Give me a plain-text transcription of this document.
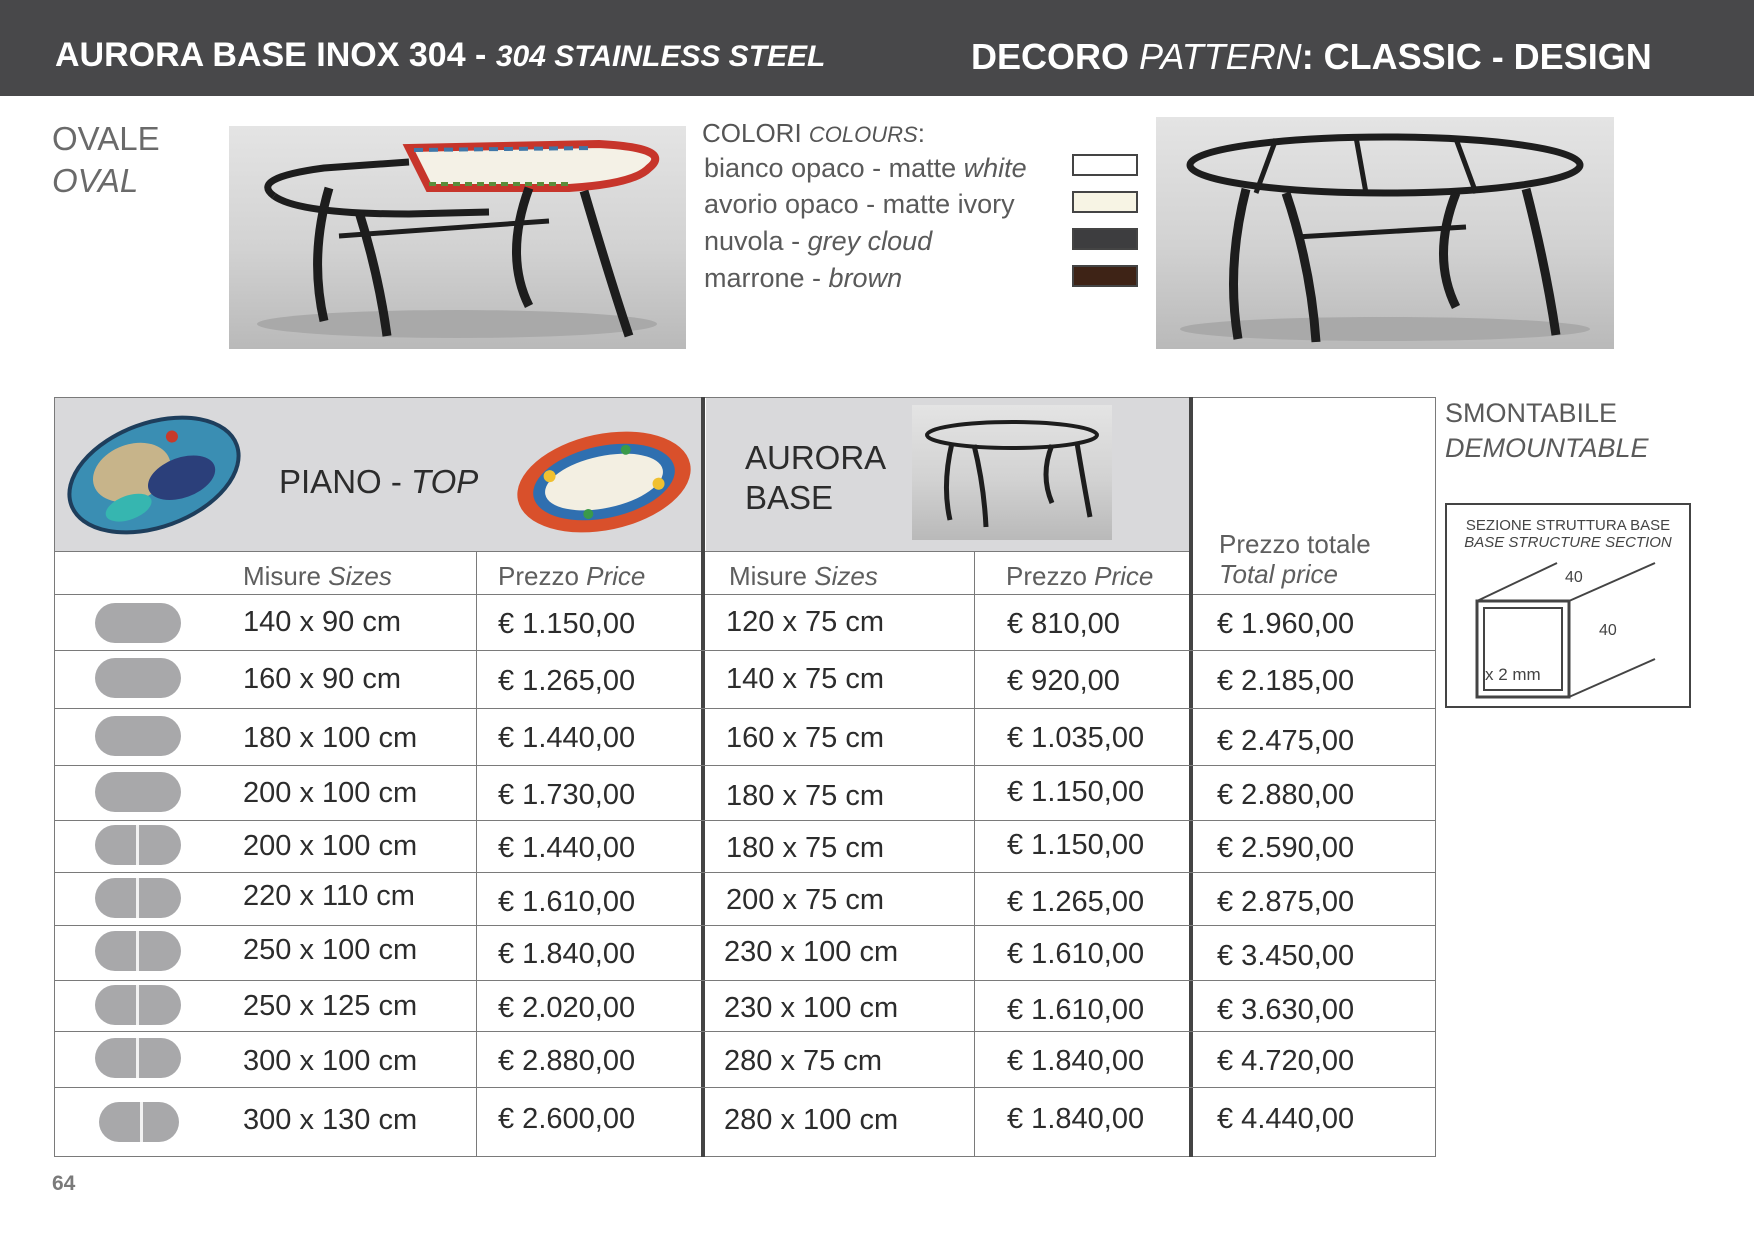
AURORA BASE INOX 304 - 304 STAINLESS STEEL	DECORO PATTERN: CLASSIC - DESIGN
OVALE
OVAL
COLORI COLOURS:
bianco opaco - matte white
avorio opaco - matte ivory
nuvola - grey cloud
marrone - brown
PIANO - TOP
AURORA
BASE
Prezzo totale
Total price
Misure Sizes	Prezzo Price	Misure Sizes	Prezzo Price
140 x 90 cm	€ 1.150,00	120 x 75 cm	€ 810,00	€ 1.960,00
160 x 90 cm	€ 1.265,00	140 x 75 cm	€ 920,00	€ 2.185,00
180 x 100 cm	€ 1.440,00	160 x 75 cm	€ 1.035,00	€ 2.475,00
200 x 100 cm	€ 1.730,00	180 x 75 cm	€ 1.150,00	€ 2.880,00
200 x 100 cm	€ 1.440,00	180 x 75 cm	€ 1.150,00	€ 2.590,00
220 x 110 cm	€ 1.610,00	200 x 75 cm	€ 1.265,00	€ 2.875,00
250 x 100 cm	€ 1.840,00	230 x 100 cm	€ 1.610,00	€ 3.450,00
250 x 125 cm	€ 2.020,00	230 x 100 cm	€ 1.610,00	€ 3.630,00
300 x 100 cm	€ 2.880,00	280 x 75 cm	€ 1.840,00	€ 4.720,00
300 x 130 cm	€ 2.600,00	280 x 100 cm	€ 1.840,00	€ 4.440,00
SMONTABILE
DEMOUNTABLE
SEZIONE STRUTTURA BASE
BASE STRUCTURE SECTION
40
40
x 2 mm
64
